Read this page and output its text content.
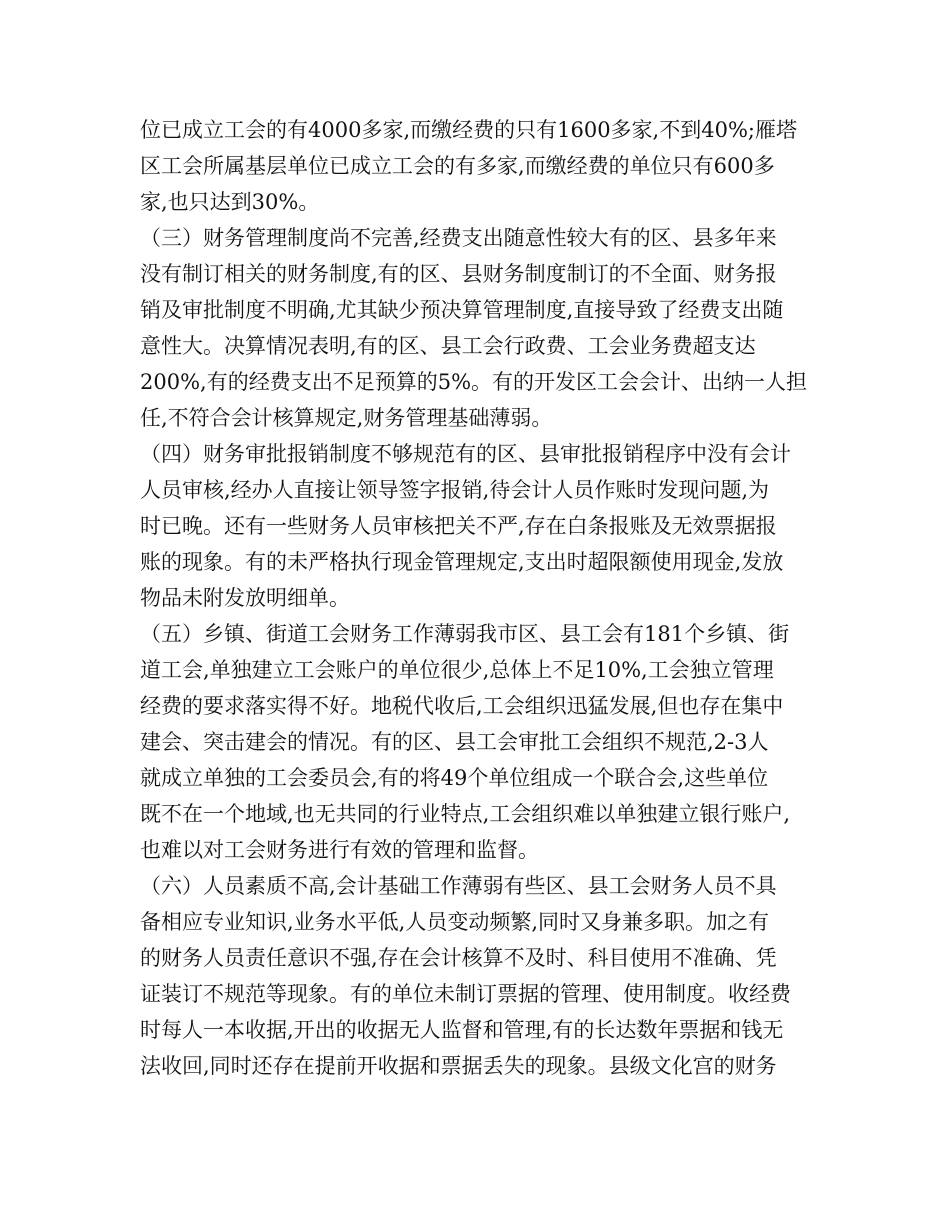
位已成立工会的有4000多家,而缴经费的只有1600多家,不到40%;雁塔
区工会所属基层单位已成立工会的有多家,而缴经费的单位只有600多
家,也只达到30%。
（三）财务管理制度尚不完善,经费支出随意性较大有的区、县多年来
没有制订相关的财务制度,有的区、县财务制度制订的不全面、财务报
销及审批制度不明确,尤其缺少预决算管理制度,直接导致了经费支出随
意性大。决算情况表明,有的区、县工会行政费、工会业务费超支达
200%,有的经费支出不足预算的5%。有的开发区工会会计、出纳一人担
任,不符合会计核算规定,财务管理基础薄弱。
（四）财务审批报销制度不够规范有的区、县审批报销程序中没有会计
人员审核,经办人直接让领导签字报销,待会计人员作账时发现问题,为
时已晚。还有一些财务人员审核把关不严,存在白条报账及无效票据报
账的现象。有的未严格执行现金管理规定,支出时超限额使用现金,发放
物品未附发放明细单。
（五）乡镇、街道工会财务工作薄弱我市区、县工会有181个乡镇、街
道工会,单独建立工会账户的单位很少,总体上不足10%,工会独立管理
经费的要求落实得不好。地税代收后,工会组织迅猛发展,但也存在集中
建会、突击建会的情况。有的区、县工会审批工会组织不规范,2-3人
就成立单独的工会委员会,有的将49个单位组成一个联合会,这些单位
既不在一个地域,也无共同的行业特点,工会组织难以单独建立银行账户,
也难以对工会财务进行有效的管理和监督。
（六）人员素质不高,会计基础工作薄弱有些区、县工会财务人员不具
备相应专业知识,业务水平低,人员变动频繁,同时又身兼多职。加之有
的财务人员责任意识不强,存在会计核算不及时、科目使用不准确、凭
证装订不规范等现象。有的单位未制订票据的管理、使用制度。收经费
时每人一本收据,开出的收据无人监督和管理,有的长达数年票据和钱无
法收回,同时还存在提前开收据和票据丢失的现象。县级文化宫的财务
